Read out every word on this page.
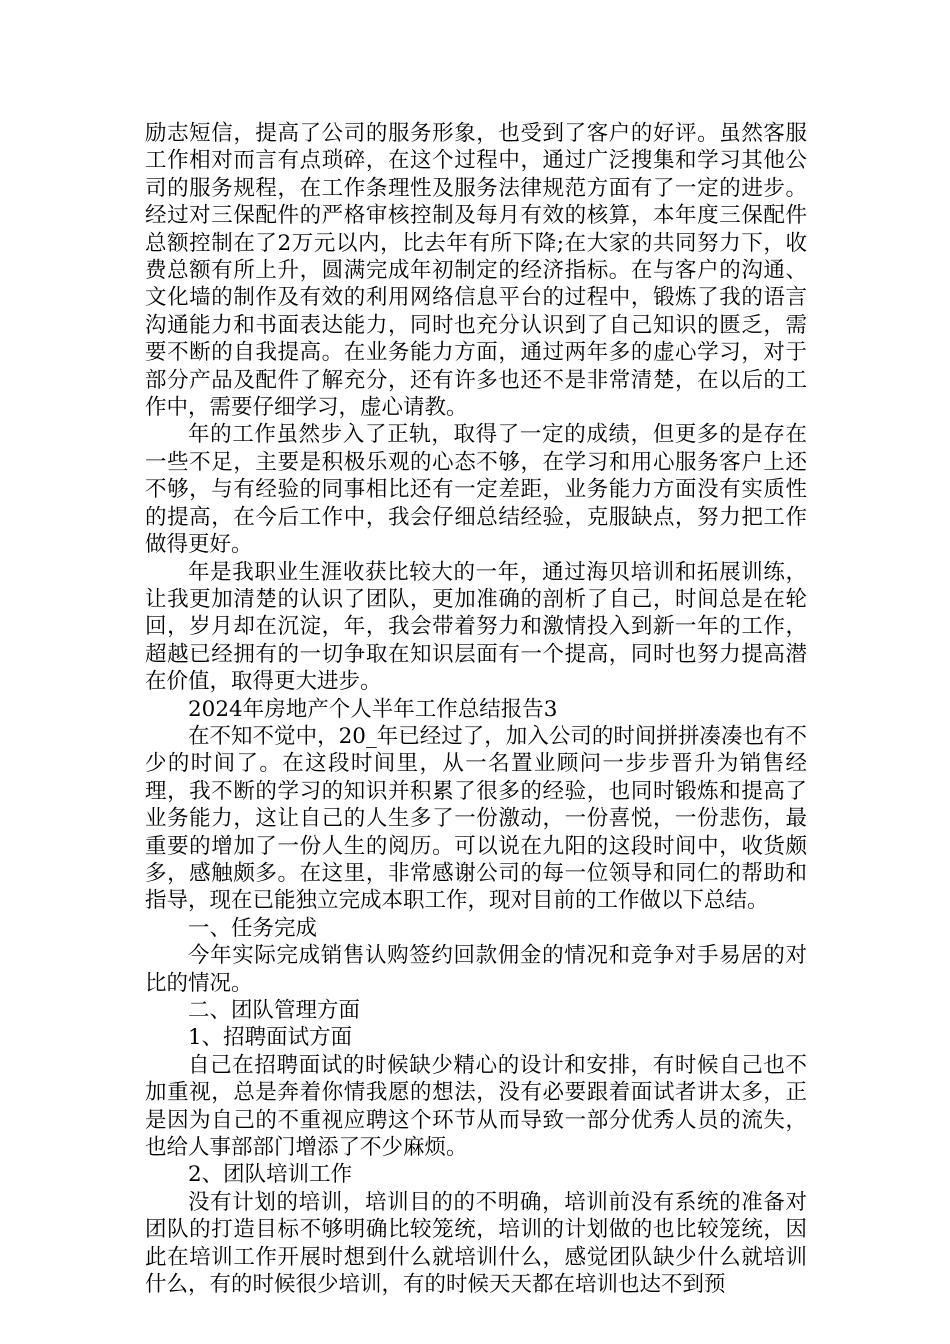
励志短信，提高了公司的服务形象，也受到了客户的好评。虽然客服工作相对而言有点琐碎，在这个过程中，通过广泛搜集和学习其他公司的服务规程，在工作条理性及服务法律规范方面有了一定的进步。经过对三保配件的严格审核控制及每月有效的核算，本年度三保配件总额控制在了2万元以内，比去年有所下降;在大家的共同努力下，收费总额有所上升，圆满完成年初制定的经济指标。在与客户的沟通、文化墙的制作及有效的利用网络信息平台的过程中，锻炼了我的语言沟通能力和书面表达能力，同时也充分认识到了自己知识的匮乏，需要不断的自我提高。在业务能力方面，通过两年多的虚心学习，对于部分产品及配件了解充分，还有许多也还不是非常清楚，在以后的工作中，需要仔细学习，虚心请教。

年的工作虽然步入了正轨，取得了一定的成绩，但更多的是存在一些不足，主要是积极乐观的心态不够，在学习和用心服务客户上还不够，与有经验的同事相比还有一定差距，业务能力方面没有实质性的提高，在今后工作中，我会仔细总结经验，克服缺点，努力把工作做得更好。

年是我职业生涯收获比较大的一年，通过海贝培训和拓展训练，让我更加清楚的认识了团队，更加准确的剖析了自己，时间总是在轮回，岁月却在沉淀，年，我会带着努力和激情投入到新一年的工作，超越已经拥有的一切争取在知识层面有一个提高，同时也努力提高潜在价值，取得更大进步。

2024年房地产个人半年工作总结报告3

在不知不觉中，20_年已经过了，加入公司的时间拼拼凑凑也有不少的时间了。在这段时间里，从一名置业顾问一步步晋升为销售经理，我不断的学习的知识并积累了很多的经验，也同时锻炼和提高了业务能力，这让自己的人生多了一份激动，一份喜悦，一份悲伤，最重要的增加了一份人生的阅历。可以说在九阳的这段时间中，收货颇多，感触颇多。在这里，非常感谢公司的每一位领导和同仁的帮助和指导，现在已能独立完成本职工作，现对目前的工作做以下总结。

一、任务完成

今年实际完成销售认购签约回款佣金的情况和竞争对手易居的对比的情况。

二、团队管理方面

1、招聘面试方面

自己在招聘面试的时候缺少精心的设计和安排，有时候自己也不加重视，总是奔着你情我愿的想法，没有必要跟着面试者讲太多，正是因为自己的不重视应聘这个环节从而导致一部分优秀人员的流失，也给人事部部门增添了不少麻烦。

2、团队培训工作

没有计划的培训，培训目的的不明确，培训前没有系统的准备对团队的打造目标不够明确比较笼统，培训的计划做的也比较笼统，因此在培训工作开展时想到什么就培训什么，感觉团队缺少什么就培训什么，有的时候很少培训，有的时候天天都在培训也达不到预
